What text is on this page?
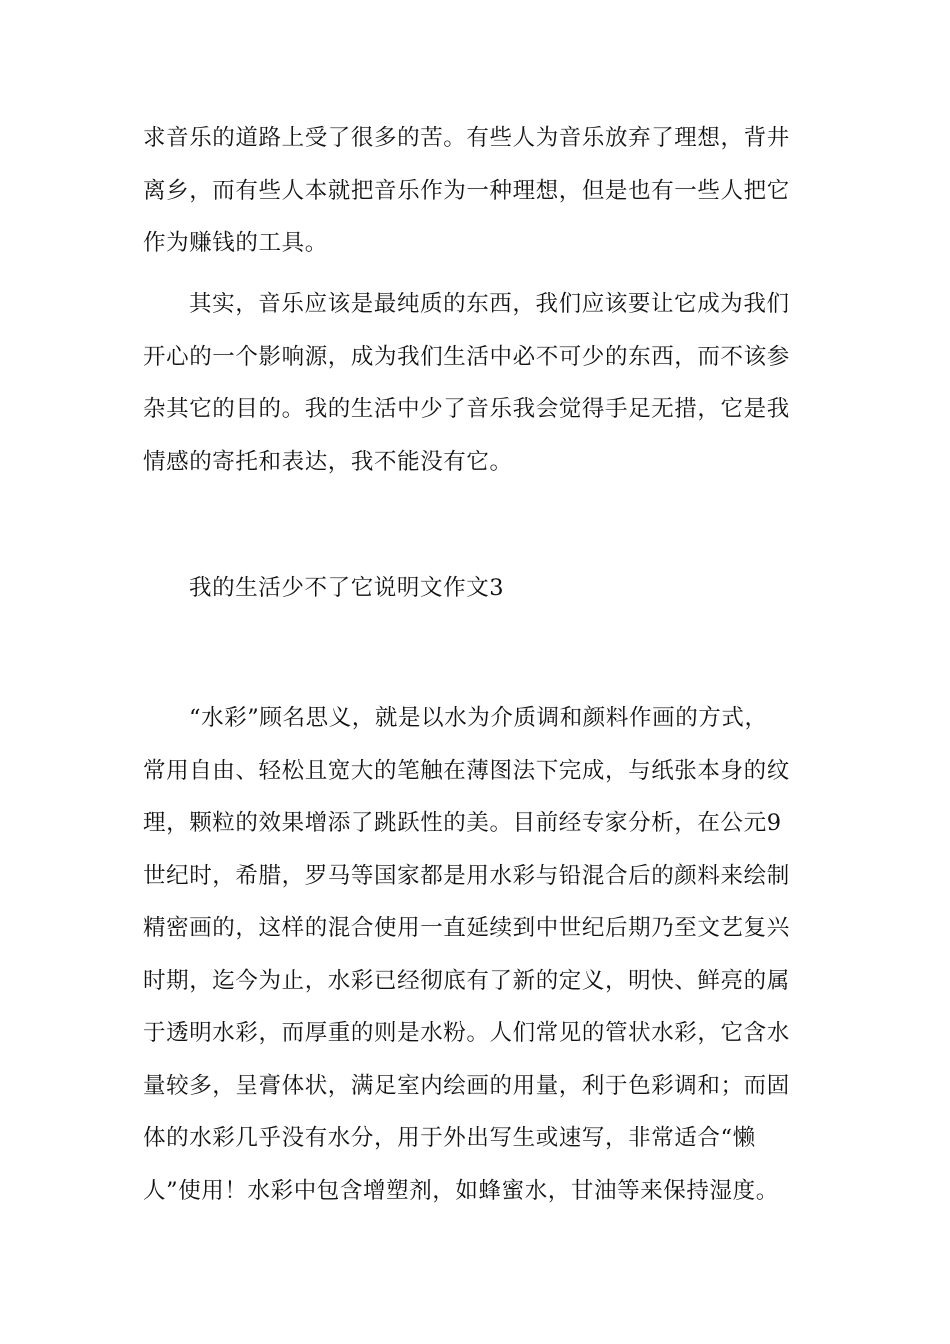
求音乐的道路上受了很多的苦。有些人为音乐放弃了理想，背井
离乡，而有些人本就把音乐作为一种理想，但是也有一些人把它
作为赚钱的工具。
其实，音乐应该是最纯质的东西，我们应该要让它成为我们
开心的一个影响源，成为我们生活中必不可少的东西，而不该参
杂其它的目的。我的生活中少了音乐我会觉得手足无措，它是我
情感的寄托和表达，我不能没有它。
我的生活少不了它说明文作文3
“水彩”顾名思义，就是以水为介质调和颜料作画的方式，
常用自由、轻松且宽大的笔触在薄图法下完成，与纸张本身的纹
理，颗粒的效果增添了跳跃性的美。目前经专家分析，在公元9
世纪时，希腊，罗马等国家都是用水彩与铅混合后的颜料来绘制
精密画的，这样的混合使用一直延续到中世纪后期乃至文艺复兴
时期，迄今为止，水彩已经彻底有了新的定义，明快、鲜亮的属
于透明水彩，而厚重的则是水粉。人们常见的管状水彩，它含水
量较多，呈膏体状，满足室内绘画的用量，利于色彩调和；而固
体的水彩几乎没有水分，用于外出写生或速写，非常适合“懒
人”使用！水彩中包含增塑剂，如蜂蜜水，甘油等来保持湿度。
